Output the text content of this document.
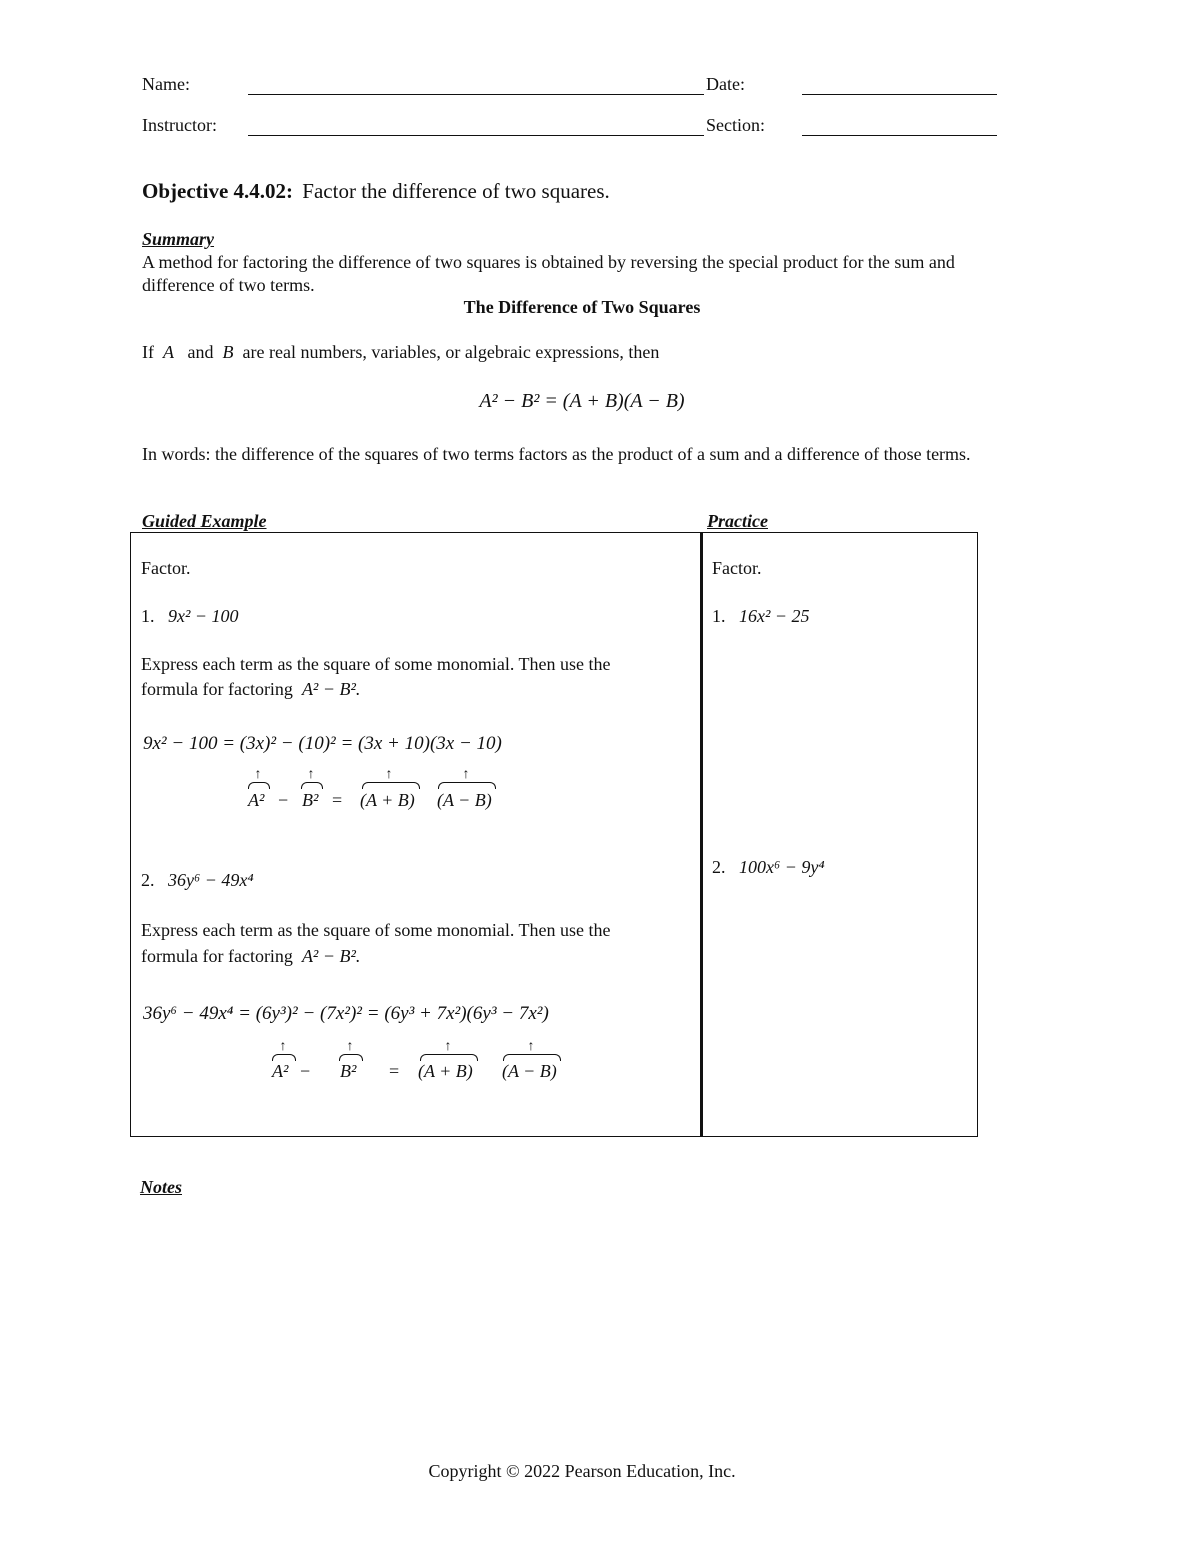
Name:	Date:
Instructor:	Section:
Objective 4.4.02: Factor the difference of two squares.
Summary
A method for factoring the difference of two squares is obtained by reversing the special product for the sum and difference of two terms.
The Difference of Two Squares
If A and B are real numbers, variables, or algebraic expressions, then
A² − B² = (A + B)(A − B)
In words: the difference of the squares of two terms factors as the product of a sum and a difference of those terms.
Guided Example	Practice
Factor.
1. 9x² − 100
Express each term as the square of some monomial. Then use the
formula for factoring A² − B².
9x² − 100 = (3x)² − (10)² = (3x + 10)(3x − 10)
↑	↑	↑	↑
A² − B² = (A + B) (A − B)
2. 36y⁶ − 49x⁴
Express each term as the square of some monomial. Then use the
formula for factoring A² − B².
36y⁶ − 49x⁴ = (6y³)² − (7x²)² = (6y³ + 7x²)(6y³ − 7x²)
↑	↑	↑	↑
A² − B² = (A + B) (A − B)
Factor.
1. 16x² − 25
2. 100x⁶ − 9y⁴
Notes
Copyright © 2022 Pearson Education, Inc.
